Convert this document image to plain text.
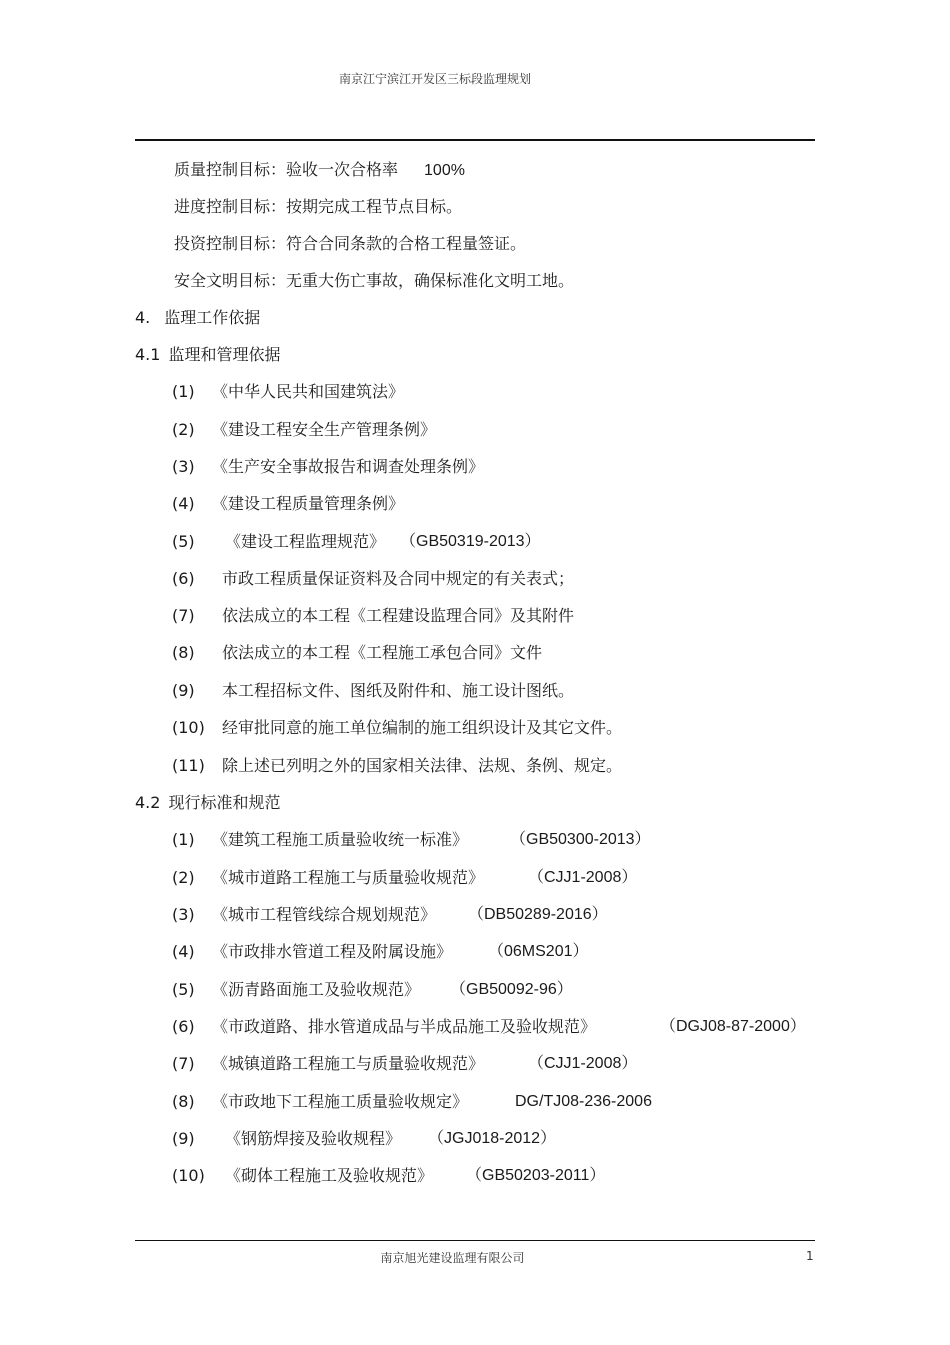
南京江宁滨江开发区三标段监理规划
质量控制目标：验收一次合格率 100%
进度控制目标：按期完成工程节点目标。
投资控制目标：符合合同条款的合格工程量签证。
安全文明目标：无重大伤亡事故，确保标准化文明工地。
4. 监理工作依据
4.1 监理和管理依据
(1) 《中华人民共和国建筑法》
(2) 《建设工程安全生产管理条例》
(3) 《生产安全事故报告和调查处理条例》
(4) 《建设工程质量管理条例》
(5) 《建设工程监理规范》 （GB50319-2013）
(6) 市政工程质量保证资料及合同中规定的有关表式；
(7) 依法成立的本工程《工程建设监理合同》及其附件
(8) 依法成立的本工程《工程施工承包合同》文件
(9) 本工程招标文件、图纸及附件和、施工设计图纸。
(10) 经审批同意的施工单位编制的施工组织设计及其它文件。
(11) 除上述已列明之外的国家相关法律、法规、条例、规定。
4.2 现行标准和规范
(1) 《建筑工程施工质量验收统一标准》	（GB50300-2013）
(2) 《城市道路工程施工与质量验收规范》	（CJJ1-2008）
(3) 《城市工程管线综合规划规范》 （DB50289-2016）
(4) 《市政排水管道工程及附属设施》 （06MS201）
(5) 《沥青路面施工及验收规范》 （GB50092-96）
(6) 《市政道路、排水管道成品与半成品施工及验收规范》	（DGJ08-87-2000）
(7) 《城镇道路工程施工与质量验收规范》	（CJJ1-2008）
(8) 《市政地下工程施工质量验收规定》	DG/TJ08-236-2006
(9) 《钢筋焊接及验收规程》 （JGJ018-2012）
(10) 《砌体工程施工及验收规范》 （GB50203-2011）
南京旭光建设监理有限公司	1
